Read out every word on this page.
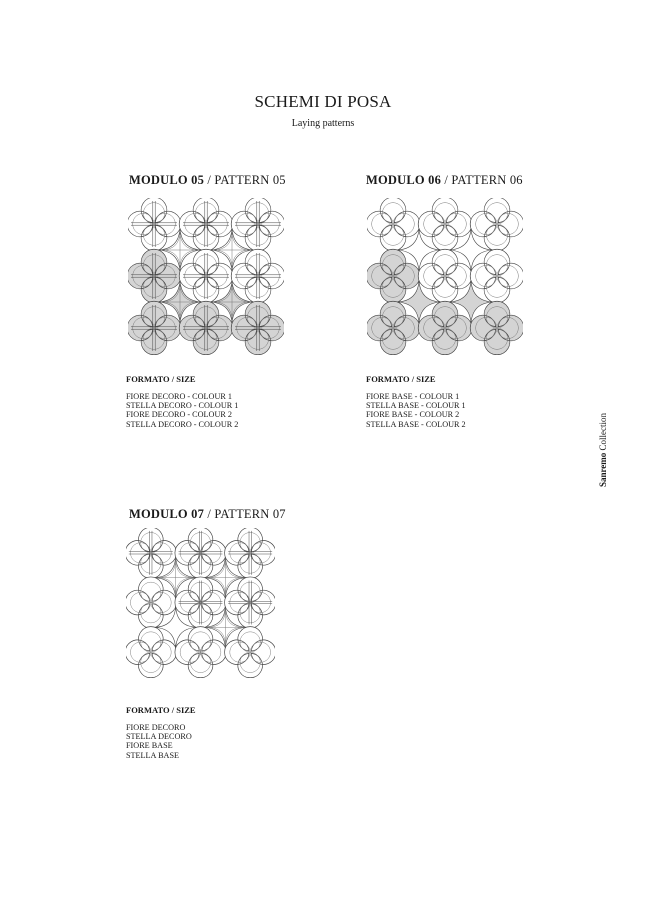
SCHEMI DI POSA
Laying patterns
MODULO 05 / PATTERN 05
FORMATO / SIZE
FIORE DECORO - COLOUR 1
STELLA DECORO - COLOUR 1
FIORE DECORO - COLOUR 2
STELLA DECORO - COLOUR 2
MODULO 06 / PATTERN 06
FORMATO / SIZE
FIORE BASE - COLOUR 1
STELLA BASE - COLOUR 1
FIORE BASE - COLOUR 2
STELLA BASE - COLOUR 2
MODULO 07 / PATTERN 07
FORMATO / SIZE
FIORE DECORO
STELLA DECORO
FIORE BASE
STELLA BASE
Sanremo Collection
